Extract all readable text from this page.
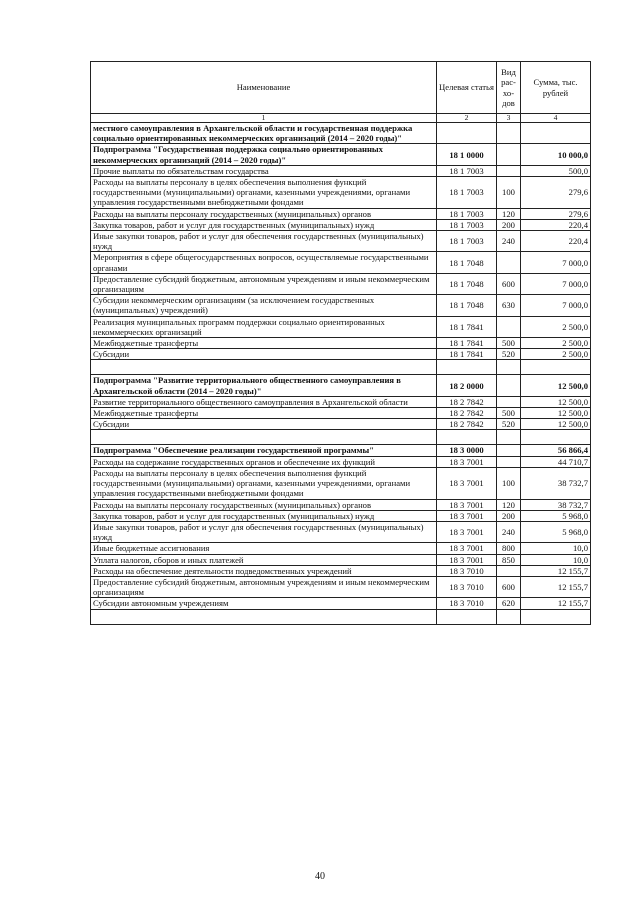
Наименование	Целевая статья	Вид рас-хо-дов	Сумма, тыс. рублей
1	2	3	4
местного самоуправления в Архангельской области и государственная поддержка социально ориентированных некоммерческих организаций (2014 – 2020 годы)"			
Подпрограмма "Государственная поддержка социально ориентированных некоммерческих организаций (2014 – 2020 годы)"	18 1 0000		10 000,0
Прочие выплаты по обязательствам государства	18 1 7003		500,0
Расходы на выплаты персоналу в целях обеспечения выполнения функций государственными (муниципальными) органами, казенными учреждениями, органами управления государственными внебюджетными фондами	18 1 7003	100	279,6
Расходы на выплаты персоналу государственных (муниципальных) органов	18 1 7003	120	279,6
Закупка товаров, работ и услуг для государственных (муниципальных) нужд	18 1 7003	200	220,4
Иные закупки товаров, работ и услуг для обеспечения государственных (муниципальных) нужд	18 1 7003	240	220,4
Мероприятия в сфере общегосударственных вопросов, осуществляемые государственными органами	18 1 7048		7 000,0
Предоставление субсидий бюджетным, автономным учреждениям и иным некоммерческим организациям	18 1 7048	600	7 000,0
Субсидии некоммерческим организациям (за исключением государственных (муниципальных) учреждений)	18 1 7048	630	7 000,0
Реализация муниципальных программ поддержки социально ориентированных некоммерческих организаций	18 1 7841		2 500,0
Межбюджетные трансферты	18 1 7841	500	2 500,0
Субсидии	18 1 7841	520	2 500,0

Подпрограмма "Развитие территориального общественного самоуправления в Архангельской области (2014 – 2020 годы)"	18 2 0000		12 500,0
Развитие территориального общественного самоуправления в Архангельской области	18 2 7842		12 500,0
Межбюджетные трансферты	18 2 7842	500	12 500,0
Субсидии	18 2 7842	520	12 500,0

Подпрограмма "Обеспечение реализации государственной программы"	18 3 0000		56 866,4
Расходы на содержание государственных органов и обеспечение их функций	18 3 7001		44 710,7
Расходы на выплаты персоналу в целях обеспечения выполнения функций государственными (муниципальными) органами, казенными учреждениями, органами управления государственными внебюджетными фондами	18 3 7001	100	38 732,7
Расходы на выплаты персоналу государственных (муниципальных) органов	18 3 7001	120	38 732,7
Закупка товаров, работ и услуг для государственных (муниципальных) нужд	18 3 7001	200	5 968,0
Иные закупки товаров, работ и услуг для обеспечения государственных (муниципальных) нужд	18 3 7001	240	5 968,0
Иные бюджетные ассигнования	18 3 7001	800	10,0
Уплата налогов, сборов и иных платежей	18 3 7001	850	10,0
Расходы на обеспечение деятельности подведомственных учреждений	18 3 7010		12 155,7
Предоставление субсидий бюджетным, автономным учреждениям и иным некоммерческим организациям	18 3 7010	600	12 155,7
Субсидии автономным учреждениям	18 3 7010	620	12 155,7

40
